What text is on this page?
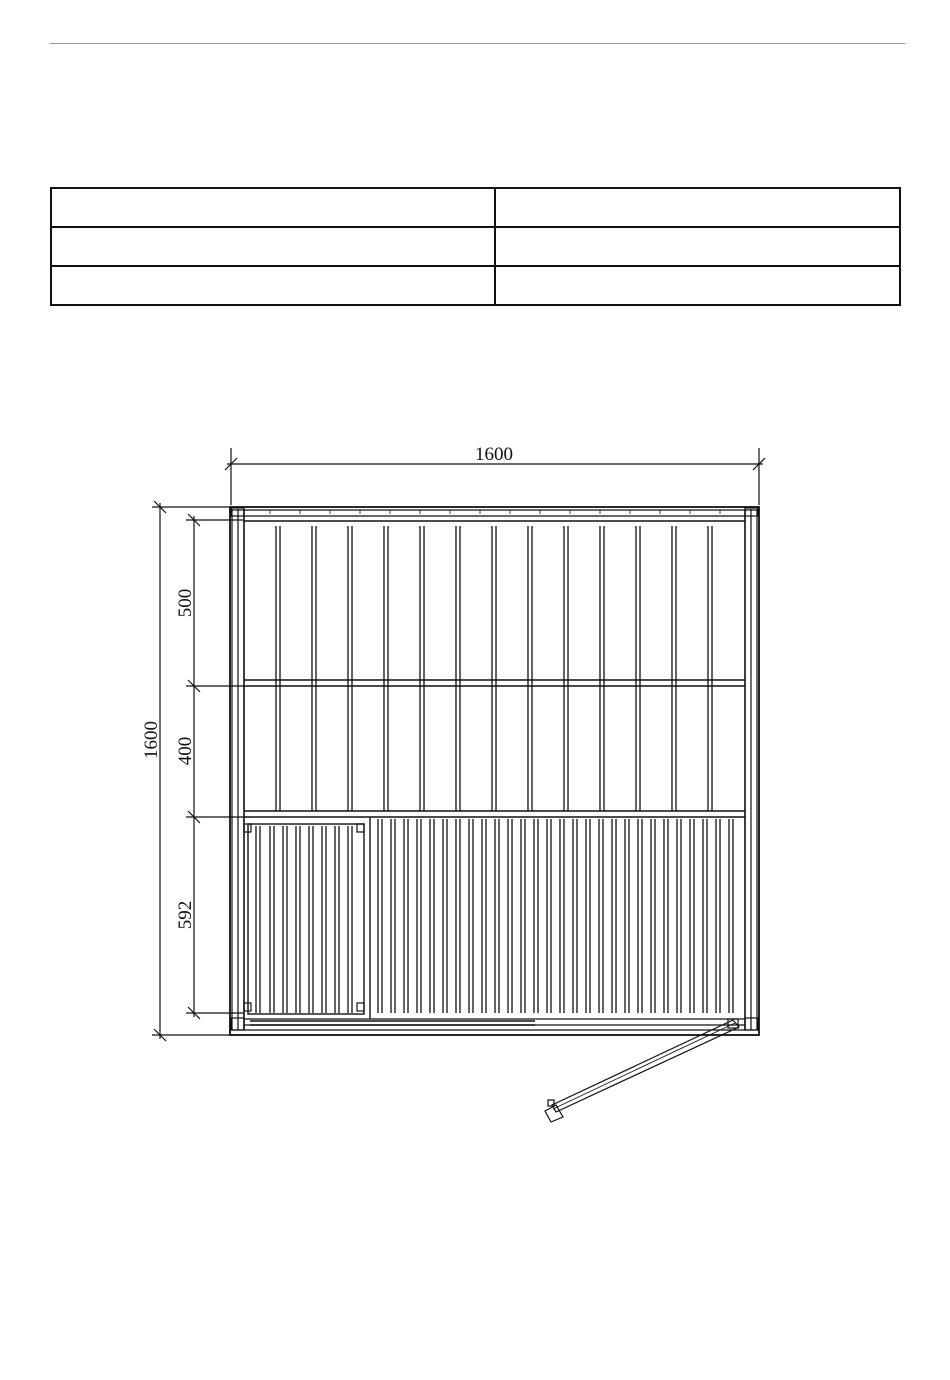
1600
1600
500
400
592
